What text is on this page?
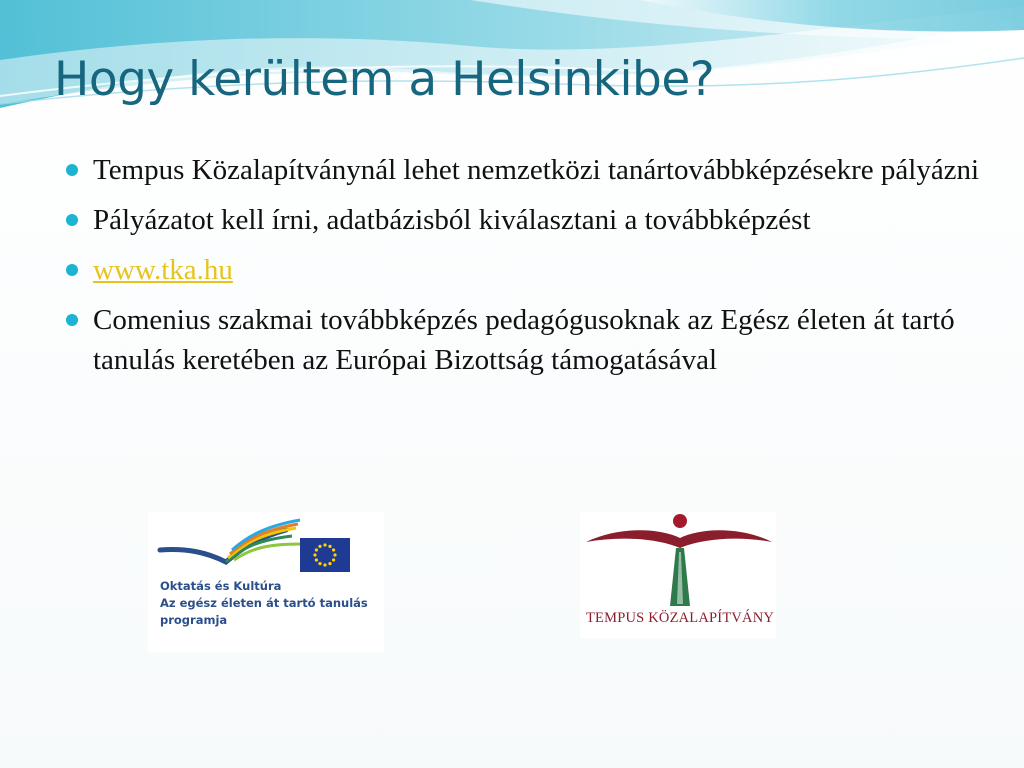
Hogy kerültem a Helsinkibe?
Tempus Közalapítványnál lehet nemzetközi tanártovábbképzésekre pályázni
Pályázatot kell írni, adatbázisból kiválasztani a továbbképzést
www.tka.hu
Comenius szakmai továbbképzés pedagógusoknak az Egész életen át tartó tanulás keretében az Európai Bizottság támogatásával
Oktatás és Kultúra
Az egész életen át tartó tanulás
programja	TEMPUS KÖZALAPÍTVÁNY
